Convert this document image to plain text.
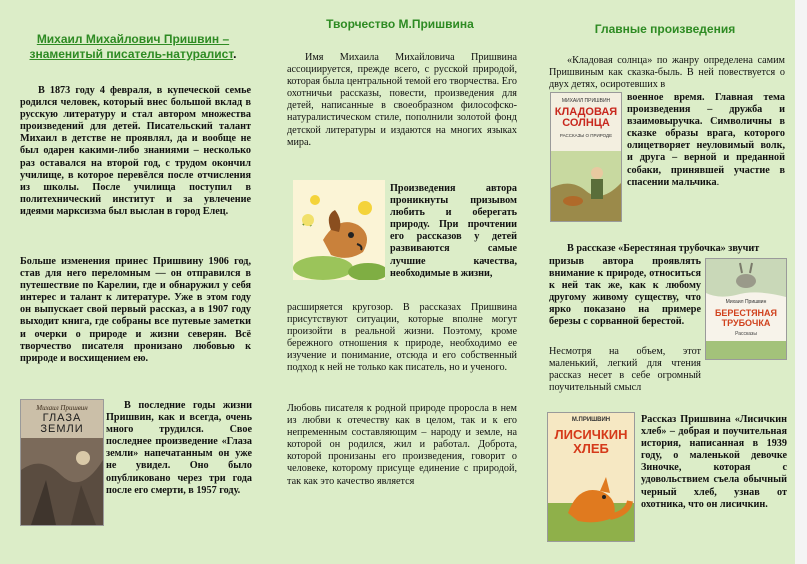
Михаил Михайлович Пришвин –
знаменитый писатель-натуралист.

В 1873 году 4 февраля, в купеческой семье родился человек, который внес большой вклад в русскую литературу и стал автором множества произведений для детей. Писательский талант Михаил в детстве не проявлял, да и вообще не был одарен какими-либо знаниями – несколько раз оставался на второй год, с трудом окончил училище, в которое перевёлся после отчисления из школы. После училища поступил в политехнический институт и за увлечение идеями марксизма был выслан в город Елец.

Больше изменения принес Пришвину 1906 год, став для него переломным — он отправился в путешествие по Карелии, где и обнаружил у себя интерес и талант к литературе. Уже в этом году он выпускает свой первый рассказ, а в 1907 году выходит книга, где собраны все путевые заметки и очерки о природе и жизни северян. Всё творчество писателя пронизано любовью к природе и восхищением ею.

Михаил Пришвин
ГЛАЗА
ЗЕМЛИ

В последние годы жизни Пришвин, как и всегда, очень много трудился. Свое последнее произведение «Глаза земли» напечатанным он уже не увидел. Оно было опубликовано через три года после его смерти, в 1957 году.

Творчество М.Пришвина

Имя Михаила Михайловича Пришвина ассоциируется, прежде всего, с русской природой, которая была центральной темой его творчества. Его охотничьи рассказы, повести, произведения для детей, написанные в своеобразном философско-натуралистическом стиле, пополнили золотой фонд детской литературы и издаются на многих языках мира.

Произведения автора проникнуты призывом любить и оберегать природу. При прочтении его рассказов у детей развиваются самые лучшие качества, необходимые в жизни,

расширяется кругозор. В рассказах Пришвина присутствуют ситуации, которые вполне могут произойти в реальной жизни. Поэтому, кроме бережного отношения к природе, необходимо ее изучение и понимание, отсюда и его собственный подход к ней не только как писатель, но и ученого.

Любовь писателя к родной природе проросла в нем из любви к отечеству как в целом, так и к его непременным составляющим – народу и земле, на которой он родился, жил и работал. Доброта, которой пронизаны его произведения, говорит о человеке, которому присуще единение с природой, так как это качество является

Главные произведения

«Кладовая солнца» по жанру определена самим Пришвиным как сказка-быль. В ней повествуется о двух детях, осиротевших в

МИХАИЛ ПРИШВИН
КЛАДОВАЯ
СОЛНЦА
РАССКАЗЫ О ПРИРОДЕ

военное время. Главная тема произведения – дружба и взаимовыручка. Символичны в сказке образы врага, которого олицетворяет неуловимый волк, и друга – верной и преданной собаки, принявшей участие в спасении мальчика.

В рассказе «Берестяная трубочка» звучит

призыв автора проявлять внимание к природе, относиться к ней так же, как к любому другому живому существу, что ярко показано на примере березы с сорванной берестой.

Несмотря на объем, этот маленький, легкий для чтения рассказ несет в себе огромный поучительный смысл

Михаил Пришвин
БЕРЕСТЯНАЯ
ТРУБОЧКА
Рассказы
М.ПРИШВИН
ЛИСИЧКИН
ХЛЕБ

Рассказ Пришвина «Лисичкин хлеб» – добрая и поучительная история, написанная в 1939 году, о маленькой девочке Зиночке, которая с удовольствием съела обычный черный хлеб, узнав от охотника, что он лисичкин.
